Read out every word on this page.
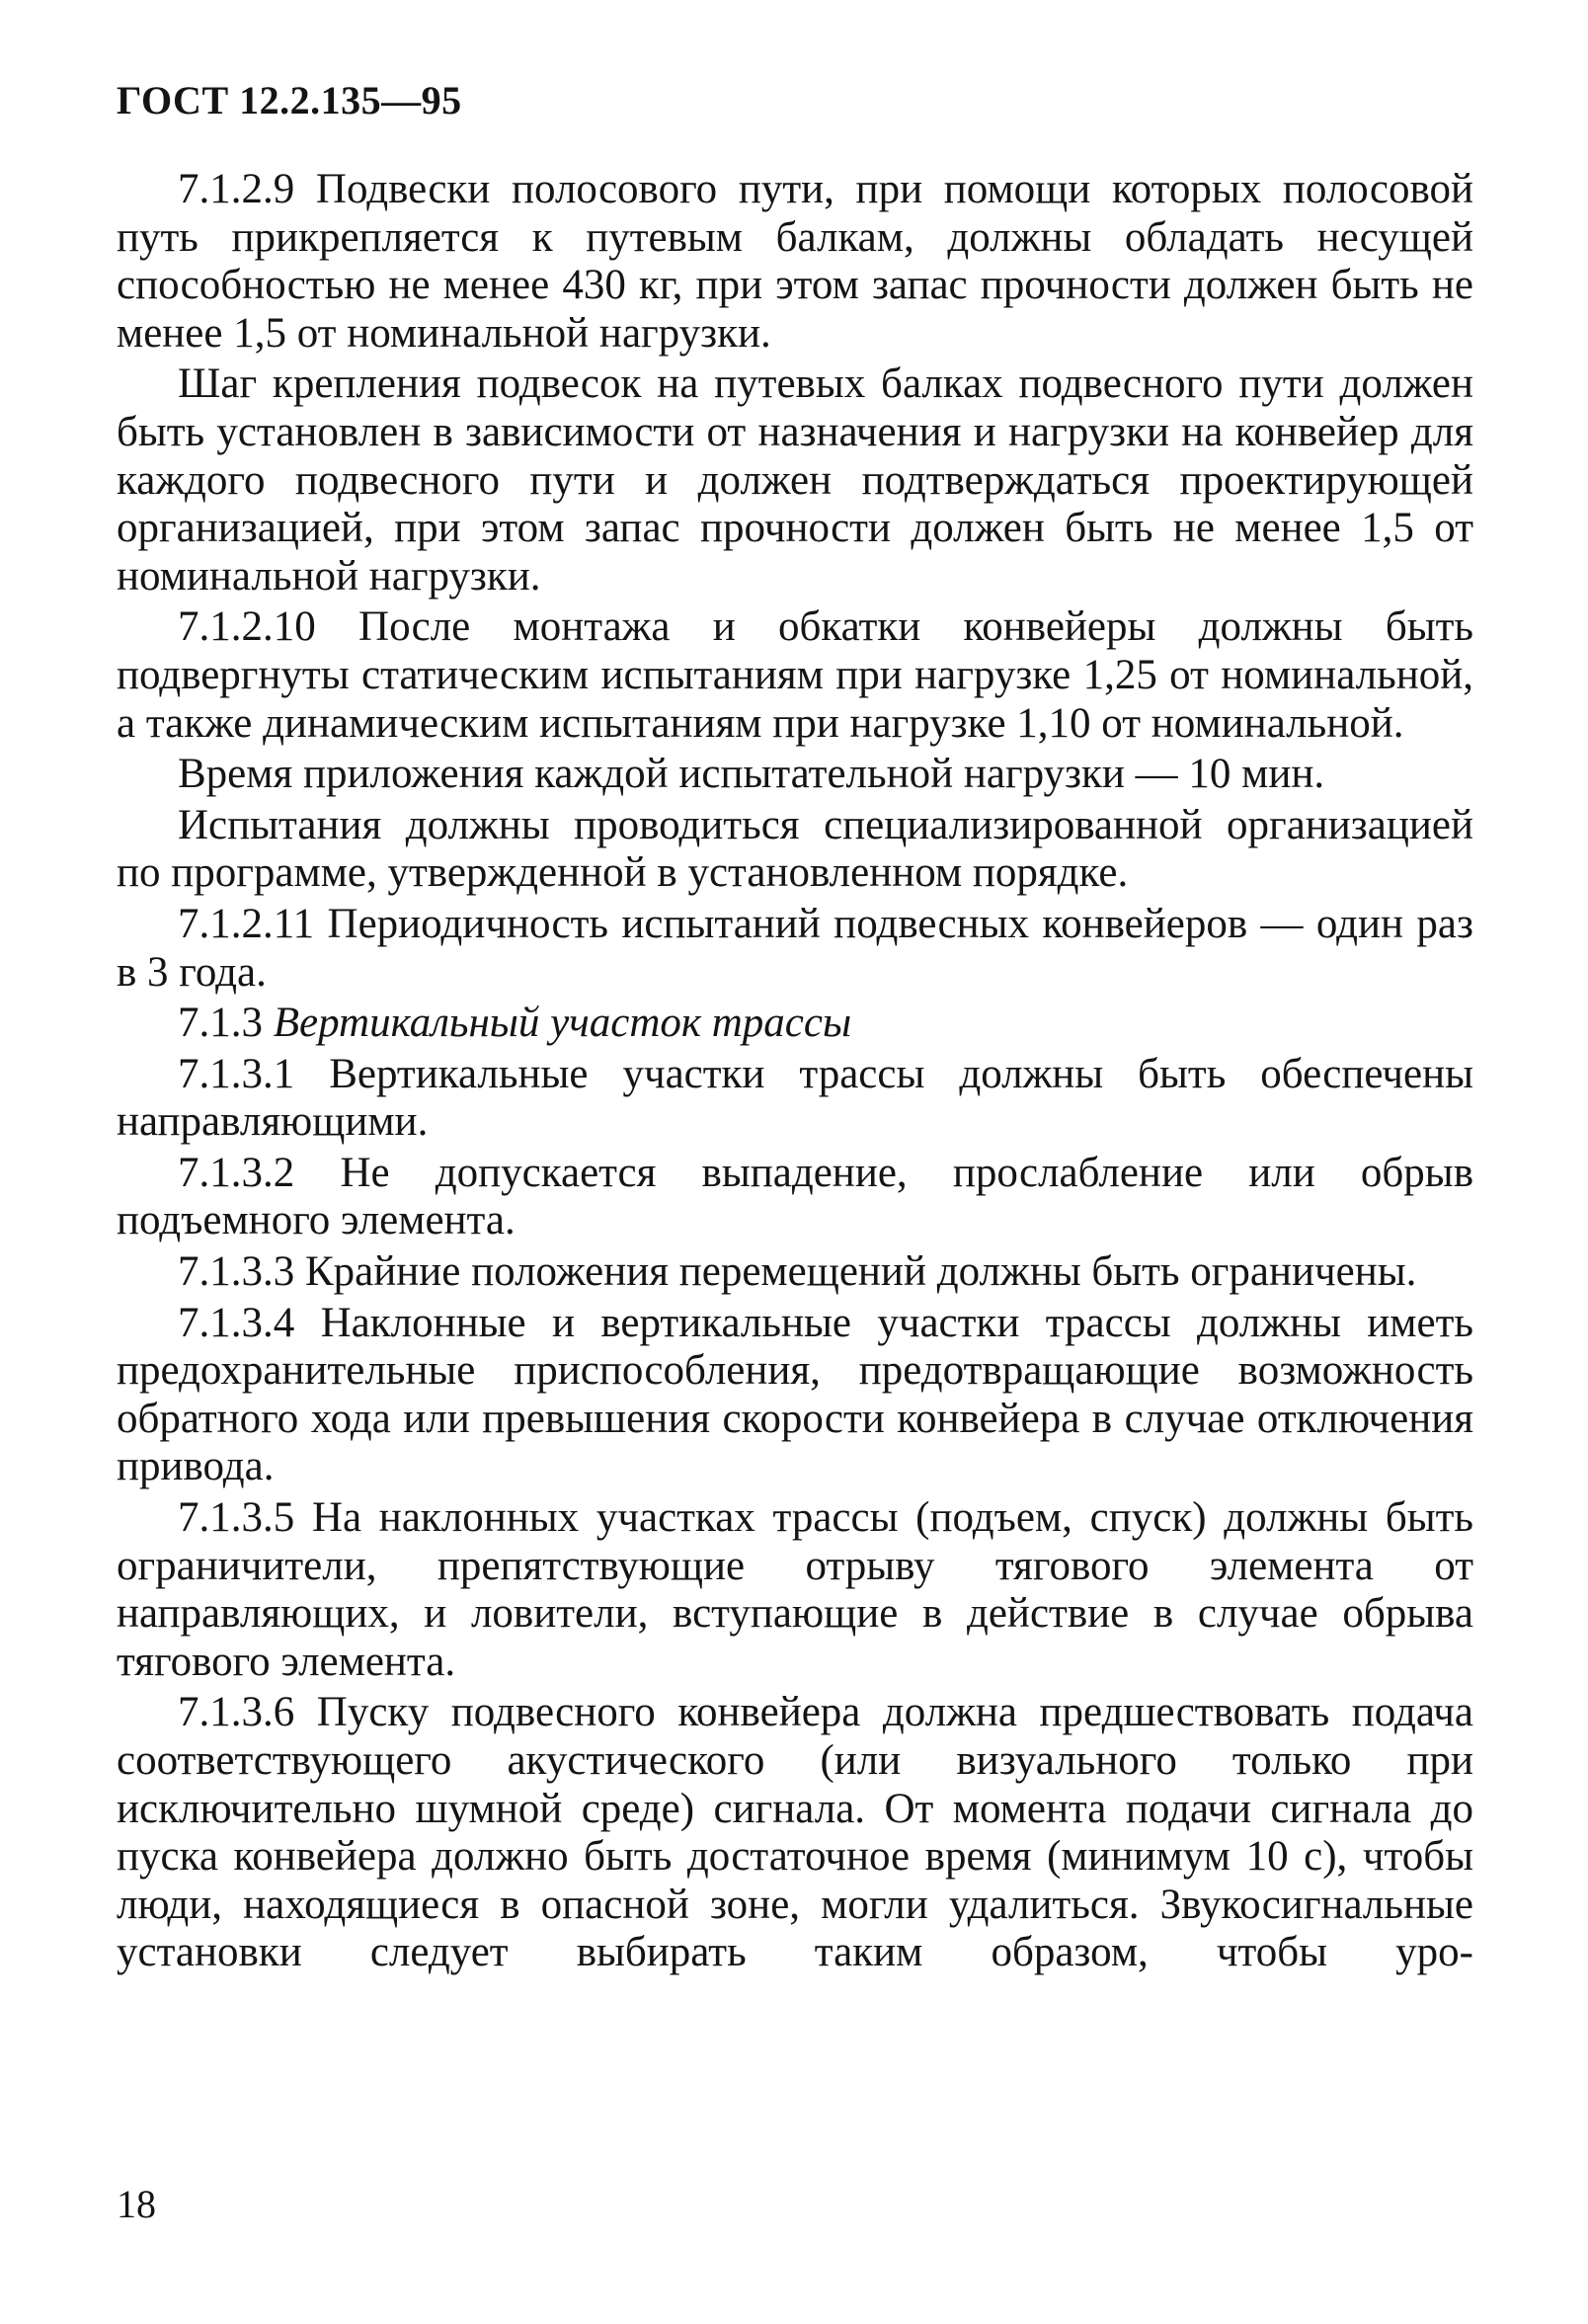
ГОСТ 12.2.135—95

7.1.2.9 Подвески полосового пути, при помощи которых полосовой путь прикрепляется к путевым балкам, должны обладать несущей способностью не менее 430 кг, при этом запас прочности должен быть не менее 1,5 от номинальной нагрузки.

Шаг крепления подвесок на путевых балках подвесного пути должен быть установлен в зависимости от назначения и нагрузки на конвейер для каждого подвесного пути и должен подтверждаться проектирующей организацией, при этом запас прочности должен быть не менее 1,5 от номинальной нагрузки.

7.1.2.10 После монтажа и обкатки конвейеры должны быть подвергнуты статическим испытаниям при нагрузке 1,25 от номинальной, а также динамическим испытаниям при нагрузке 1,10 от номинальной.

Время приложения каждой испытательной нагрузки — 10 мин.

Испытания должны проводиться специализированной организацией по программе, утвержденной в установленном порядке.

7.1.2.11 Периодичность испытаний подвесных конвейеров — один раз в 3 года.

7.1.3 Вертикальный участок трассы

7.1.3.1 Вертикальные участки трассы должны быть обеспечены направляющими.

7.1.3.2 Не допускается выпадение, прослабление или обрыв подъемного элемента.

7.1.3.3 Крайние положения перемещений должны быть ограничены.

7.1.3.4 Наклонные и вертикальные участки трассы должны иметь предохранительные приспособления, предотвращающие возможность обратного хода или превышения скорости конвейера в случае отключения привода.

7.1.3.5 На наклонных участках трассы (подъем, спуск) должны быть ограничители, препятствующие отрыву тягового элемента от направляющих, и ловители, вступающие в действие в случае обрыва тягового элемента.

7.1.3.6 Пуску подвесного конвейера должна предшествовать подача соответствующего акустического (или визуального только при исключительно шумной среде) сигнала. От момента подачи сигнала до пуска конвейера должно быть достаточное время (минимум 10 с), чтобы люди, находящиеся в опасной зоне, могли удалиться. Звукосигнальные установки следует выбирать таким образом, чтобы уро-

18
